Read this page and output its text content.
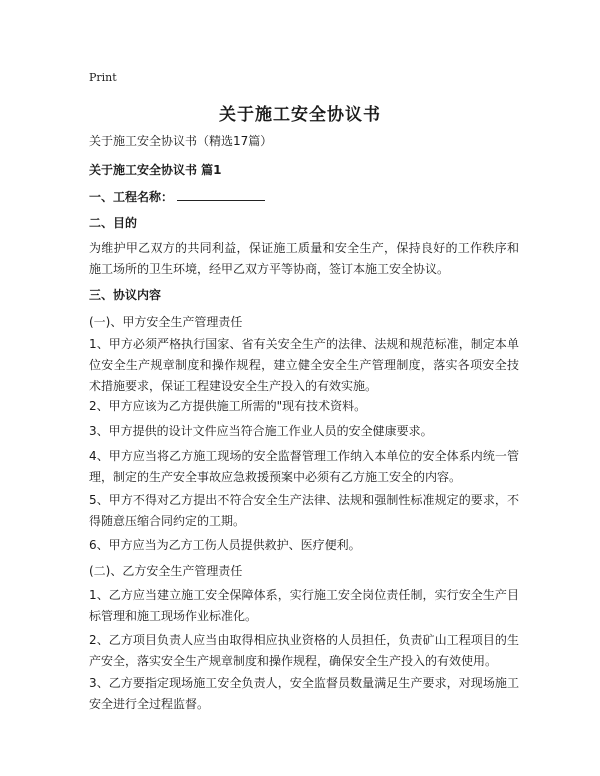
Print
关于施工安全协议书
关于施工安全协议书（精选17篇）
关于施工安全协议书 篇1
一、工程名称：
二、目的
为维护甲乙双方的共同利益，保证施工质量和安全生产，保持良好的工作秩序和施工场所的卫生环境，经甲乙双方平等协商，签订本施工安全协议。
三、协议内容
(一)、甲方安全生产管理责任
1、甲方必须严格执行国家、省有关安全生产的法律、法规和规范标准，制定本单位安全生产规章制度和操作规程，建立健全安全生产管理制度，落实各项安全技术措施要求，保证工程建设安全生产投入的有效实施。
2、甲方应该为乙方提供施工所需的"现有技术资料。
3、甲方提供的设计文件应当符合施工作业人员的安全健康要求。
4、甲方应当将乙方施工现场的安全监督管理工作纳入本单位的安全体系内统一管理，制定的生产安全事故应急救援预案中必须有乙方施工安全的内容。
5、甲方不得对乙方提出不符合安全生产法律、法规和强制性标准规定的要求，不得随意压缩合同约定的工期。
6、甲方应当为乙方工伤人员提供救护、医疗便利。
(二)、乙方安全生产管理责任
1、乙方应当建立施工安全保障体系，实行施工安全岗位责任制，实行安全生产目标管理和施工现场作业标准化。
2、乙方项目负责人应当由取得相应执业资格的人员担任，负责矿山工程项目的生产安全，落实安全生产规章制度和操作规程，确保安全生产投入的有效使用。
3、乙方要指定现场施工安全负责人，安全监督员数量满足生产要求，对现场施工安全进行全过程监督。
